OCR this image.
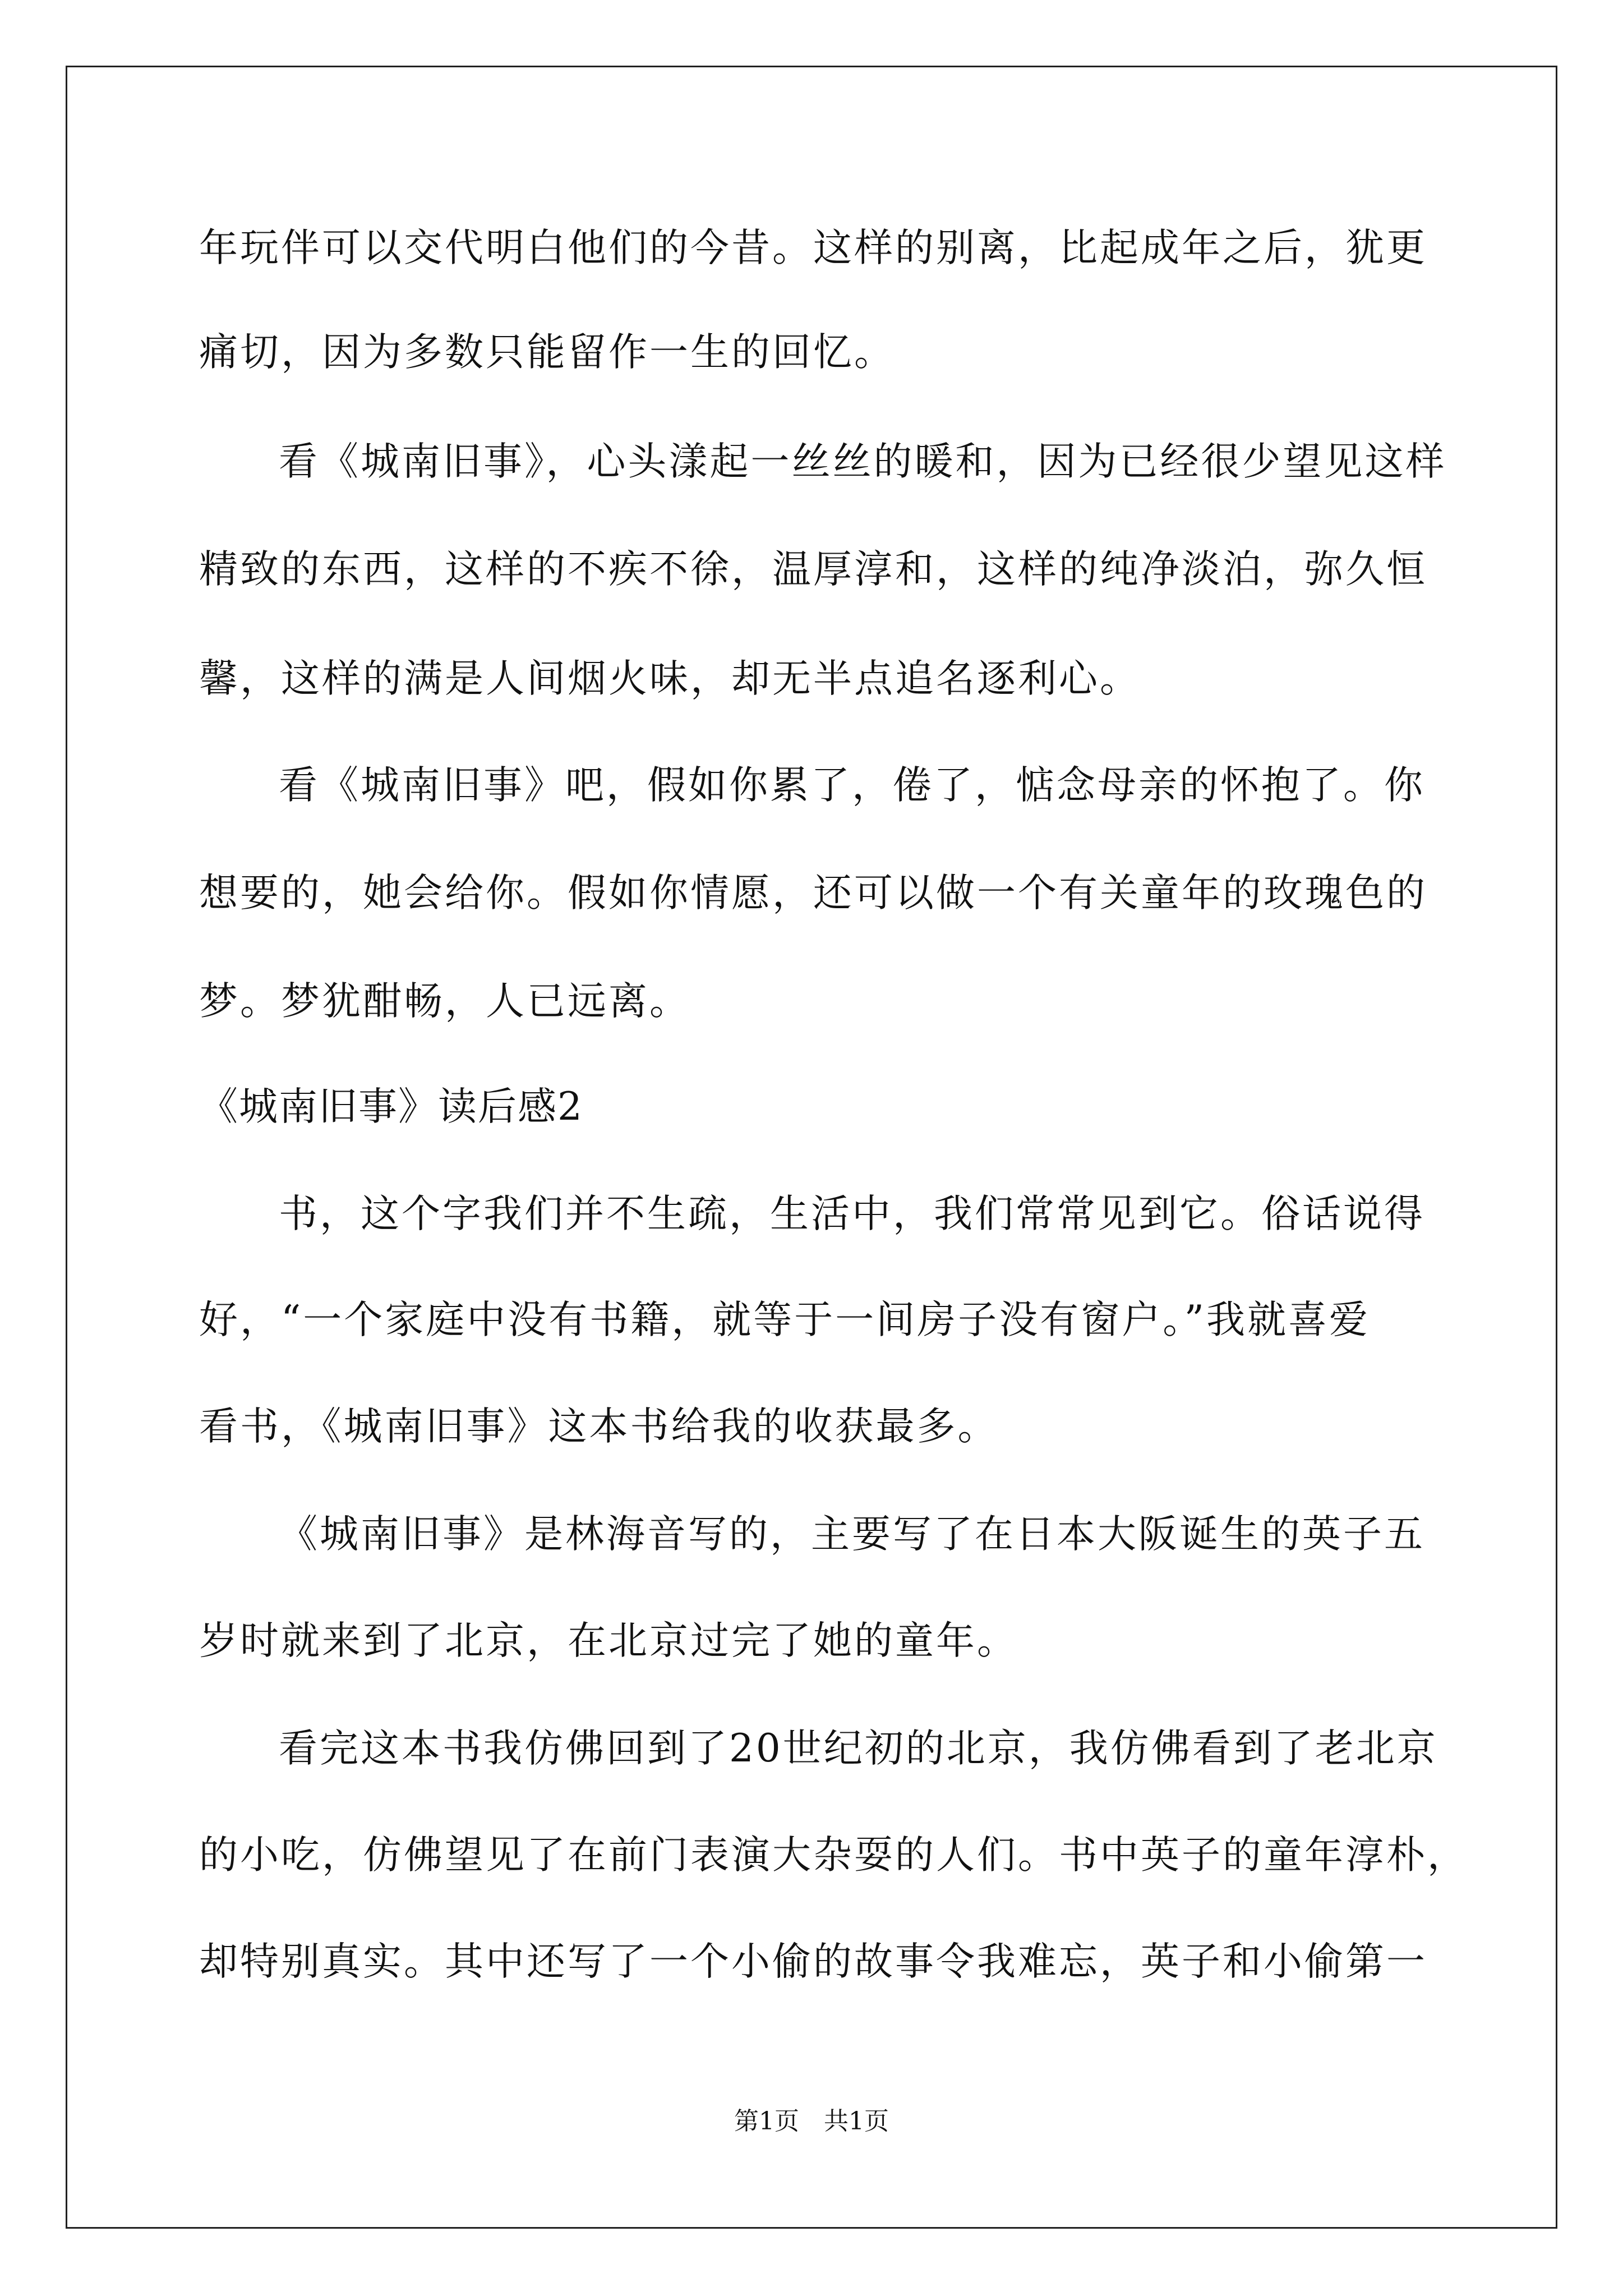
年玩伴可以交代明白他们的今昔。这样的别离，比起成年之后，犹更

痛切，因为多数只能留作一生的回忆。

看《城南旧事》，心头漾起一丝丝的暖和，因为已经很少望见这样

精致的东西，这样的不疾不徐，温厚淳和，这样的纯净淡泊，弥久恒

馨，这样的满是人间烟火味，却无半点追名逐利心。

看《城南旧事》吧，假如你累了，倦了，惦念母亲的怀抱了。你

想要的，她会给你。假如你情愿，还可以做一个有关童年的玫瑰色的

梦。梦犹酣畅，人已远离。

《城南旧事》读后感2

书，这个字我们并不生疏，生活中，我们常常见到它。俗话说得

好，“一个家庭中没有书籍，就等于一间房子没有窗户。”我就喜爱

看书，《城南旧事》这本书给我的收获最多。

《城南旧事》是林海音写的，主要写了在日本大阪诞生的英子五

岁时就来到了北京，在北京过完了她的童年。

看完这本书我仿佛回到了20世纪初的北京，我仿佛看到了老北京

的小吃，仿佛望见了在前门表演大杂耍的人们。书中英子的童年淳朴，

却特别真实。其中还写了一个小偷的故事令我难忘，英子和小偷第一

第1页　共1页
